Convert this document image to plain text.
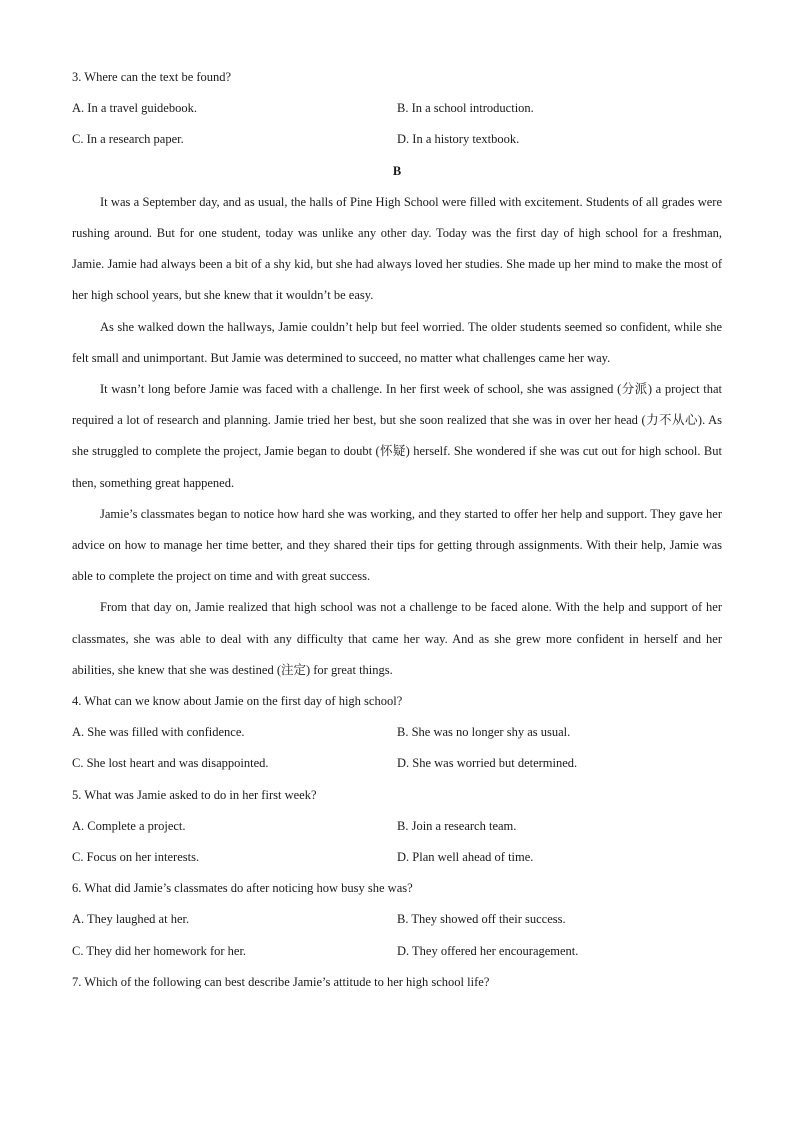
3. Where can the text be found?
A. In a travel guidebook.	B. In a school introduction.
C. In a research paper.	D. In a history textbook.
B

It was a September day, and as usual, the halls of Pine High School were filled with excitement. Students of all grades were rushing around. But for one student, today was unlike any other day. Today was the first day of high school for a freshman, Jamie. Jamie had always been a bit of a shy kid, but she had always loved her studies. She made up her mind to make the most of her high school years, but she knew that it wouldn’t be easy.

As she walked down the hallways, Jamie couldn’t help but feel worried. The older students seemed so confident, while she felt small and unimportant. But Jamie was determined to succeed, no matter what challenges came her way.

It wasn’t long before Jamie was faced with a challenge. In her first week of school, she was assigned (分派) a project that required a lot of research and planning. Jamie tried her best, but she soon realized that she was in over her head (力不从心). As she struggled to complete the project, Jamie began to doubt (怀疑) herself. She wondered if she was cut out for high school. But then, something great happened.

Jamie’s classmates began to notice how hard she was working, and they started to offer her help and support. They gave her advice on how to manage her time better, and they shared their tips for getting through assignments. With their help, Jamie was able to complete the project on time and with great success.

From that day on, Jamie realized that high school was not a challenge to be faced alone. With the help and support of her classmates, she was able to deal with any difficulty that came her way. And as she grew more confident in herself and her abilities, she knew that she was destined (注定) for great things.

4. What can we know about Jamie on the first day of high school?
A. She was filled with confidence.	B. She was no longer shy as usual.
C. She lost heart and was disappointed.	D. She was worried but determined.
5. What was Jamie asked to do in her first week?
A. Complete a project.	B. Join a research team.
C. Focus on her interests.	D. Plan well ahead of time.
6. What did Jamie’s classmates do after noticing how busy she was?
A. They laughed at her.	B. They showed off their success.
C. They did her homework for her.	D. They offered her encouragement.
7. Which of the following can best describe Jamie’s attitude to her high school life?
